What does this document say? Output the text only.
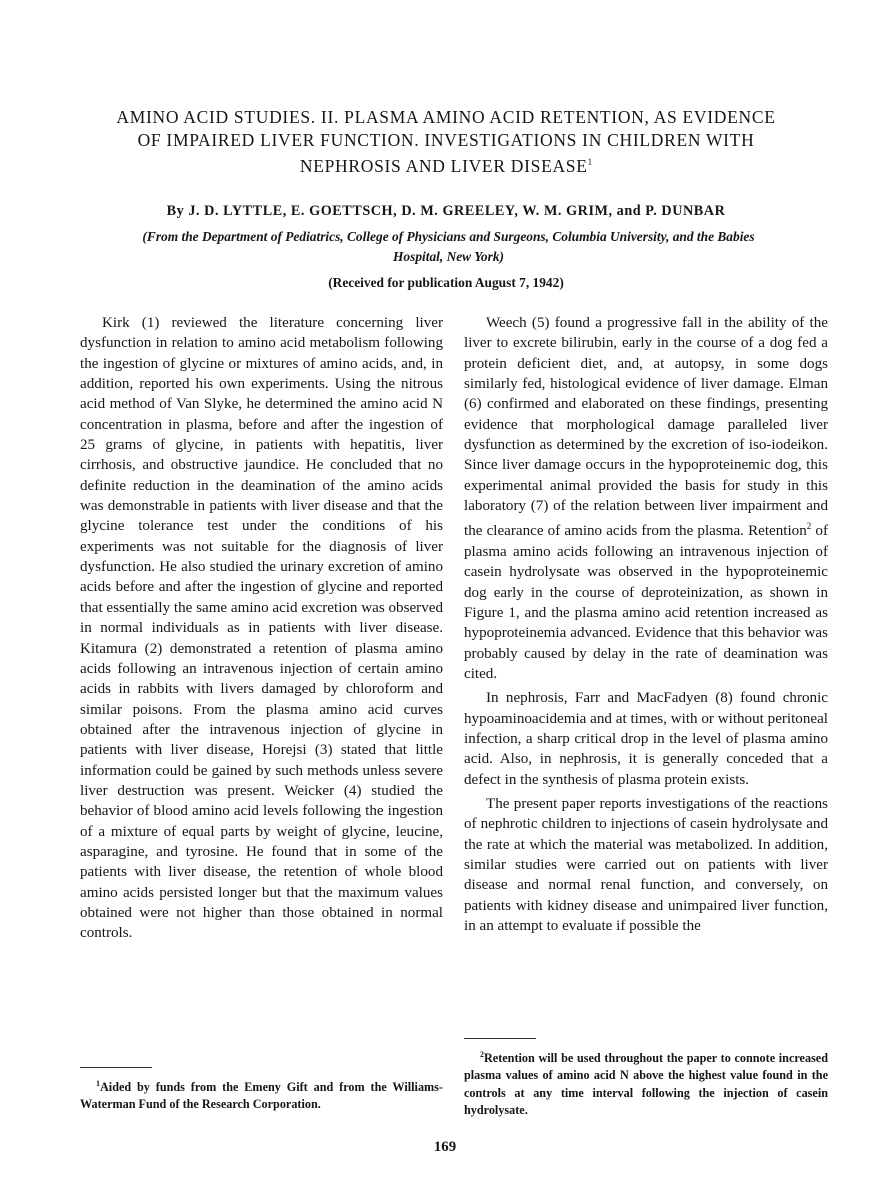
AMINO ACID STUDIES. II. PLASMA AMINO ACID RETENTION, AS EVIDENCE OF IMPAIRED LIVER FUNCTION. INVESTIGATIONS IN CHILDREN WITH NEPHROSIS AND LIVER DISEASE$^1$
By J. D. LYTTLE, E. GOETTSCH, D. M. GREELEY, W. M. GRIM, and P. DUNBAR
(From the Department of Pediatrics, College of Physicians and Surgeons, Columbia University, and the Babies Hospital, New York)
(Received for publication August 7, 1942)

Kirk (1) reviewed the literature concerning liver dysfunction in relation to amino acid metabolism following the ingestion of glycine or mixtures of amino acids, and, in addition, reported his own experiments. Using the nitrous acid method of Van Slyke, he determined the amino acid N concentration in plasma, before and after the ingestion of 25 grams of glycine, in patients with hepatitis, liver cirrhosis, and obstructive jaundice. He concluded that no definite reduction in the deamination of the amino acids was demonstrable in patients with liver disease and that the glycine tolerance test under the conditions of his experiments was not suitable for the diagnosis of liver dysfunction. He also studied the urinary excretion of amino acids before and after the ingestion of glycine and reported that essentially the same amino acid excretion was observed in normal individuals as in patients with liver disease. Kitamura (2) demonstrated a retention of plasma amino acids following an intravenous injection of certain amino acids in rabbits with livers damaged by chloroform and similar poisons. From the plasma amino acid curves obtained after the intravenous injection of glycine in patients with liver disease, Horejsi (3) stated that little information could be gained by such methods unless severe liver destruction was present. Weicker (4) studied the behavior of blood amino acid levels following the ingestion of a mixture of equal parts by weight of glycine, leucine, asparagine, and tyrosine. He found that in some of the patients with liver disease, the retention of whole blood amino acids persisted longer but that the maximum values obtained were not higher than those obtained in normal controls.

Weech (5) found a progressive fall in the ability of the liver to excrete bilirubin, early in the course of a dog fed a protein deficient diet, and, at autopsy, in some dogs similarly fed, histological evidence of liver damage. Elman (6) confirmed and elaborated on these findings, presenting evidence that morphological damage paralleled liver dysfunction as determined by the excretion of iso-iodeikon. Since liver damage occurs in the hypoproteinemic dog, this experimental animal provided the basis for study in this laboratory (7) of the relation between liver impairment and the clearance of amino acids from the plasma. Retention$^2$ of plasma amino acids following an intravenous injection of casein hydrolysate was observed in the hypoproteinemic dog early in the course of deproteinization, as shown in Figure 1, and the plasma amino acid retention increased as hypoproteinemia advanced. Evidence that this behavior was probably caused by delay in the rate of deamination was cited.

In nephrosis, Farr and MacFadyen (8) found chronic hypoaminoacidemia and at times, with or without peritoneal infection, a sharp critical drop in the level of plasma amino acid. Also, in nephrosis, it is generally conceded that a defect in the synthesis of plasma protein exists.

The present paper reports investigations of the reactions of nephrotic children to injections of casein hydrolysate and the rate at which the material was metabolized. In addition, similar studies were carried out on patients with liver disease and normal renal function, and conversely, on patients with kidney disease and unimpaired liver function, in an attempt to evaluate if possible the

$^2$Retention will be used throughout the paper to connote increased plasma values of amino acid N above the highest value found in the controls at any time interval following the injection of casein hydrolysate.

$^1$Aided by funds from the Emeny Gift and from the Williams-Waterman Fund of the Research Corporation.

169
